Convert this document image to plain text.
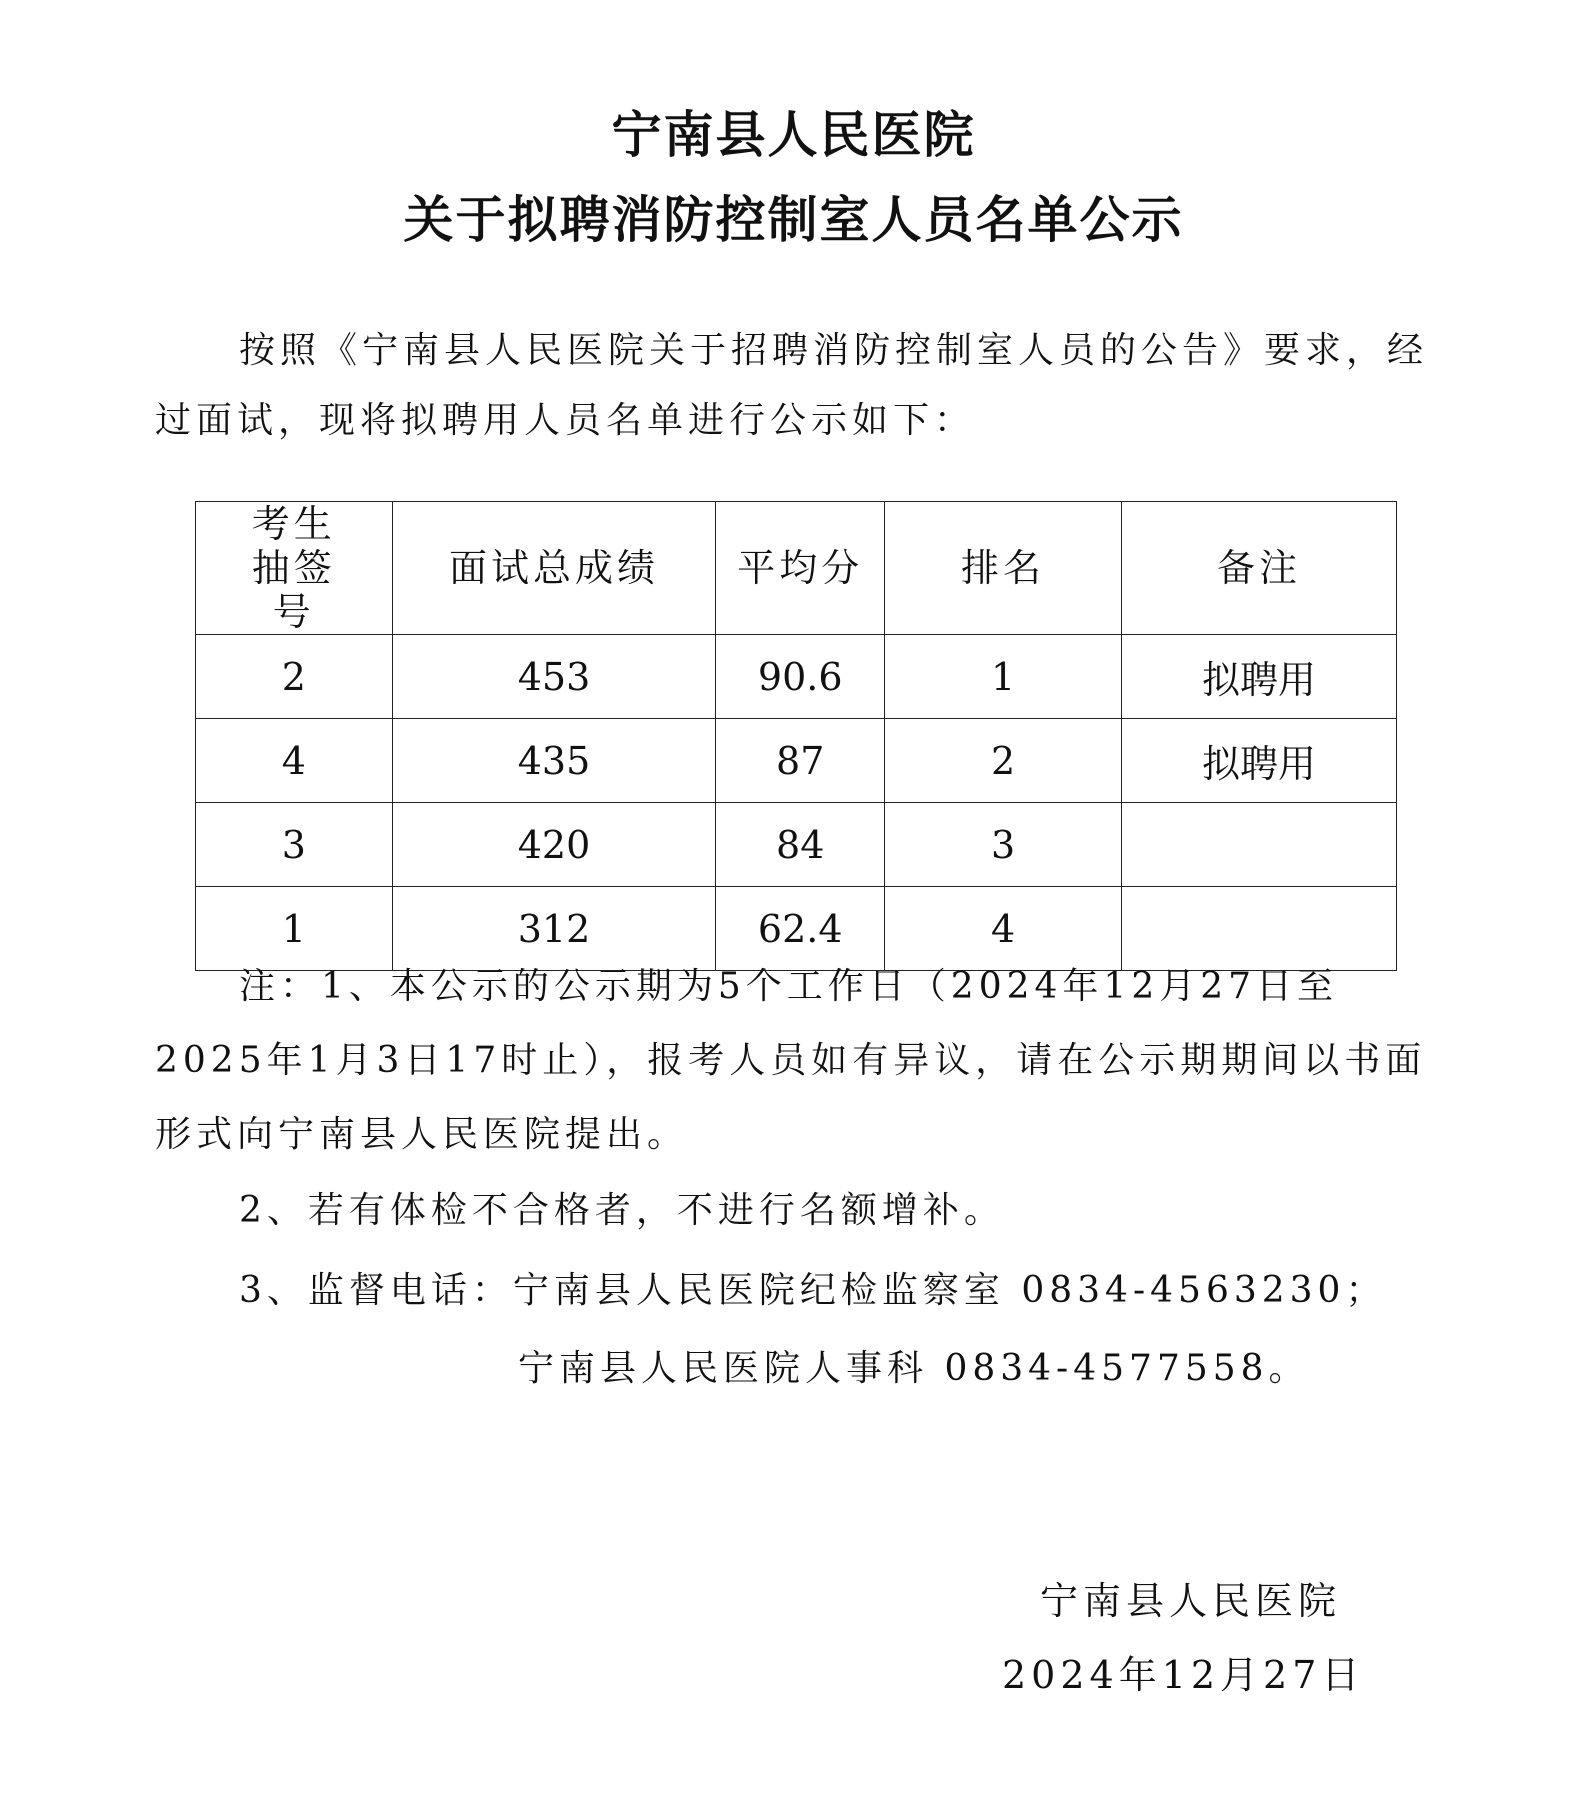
宁南县人民医院
关于拟聘消防控制室人员名单公示
按照《宁南县人民医院关于招聘消防控制室人员的公告》要求，经过面试，现将拟聘用人员名单进行公示如下：
考生抽签号	面试总成绩	平均分	排名	备注
2	453	90.6	1	拟聘用
4	435	87	2	拟聘用
3	420	84	3	
1	312	62.4	4	
注：1、本公示的公示期为5个工作日（2024年12月27日至2025年1月3日17时止），报考人员如有异议，请在公示期期间以书面形式向宁南县人民医院提出。
2、若有体检不合格者，不进行名额增补。
3、监督电话：宁南县人民医院纪检监察室 0834-4563230；
宁南县人民医院人事科 0834-4577558。
宁南县人民医院
2024年12月27日
